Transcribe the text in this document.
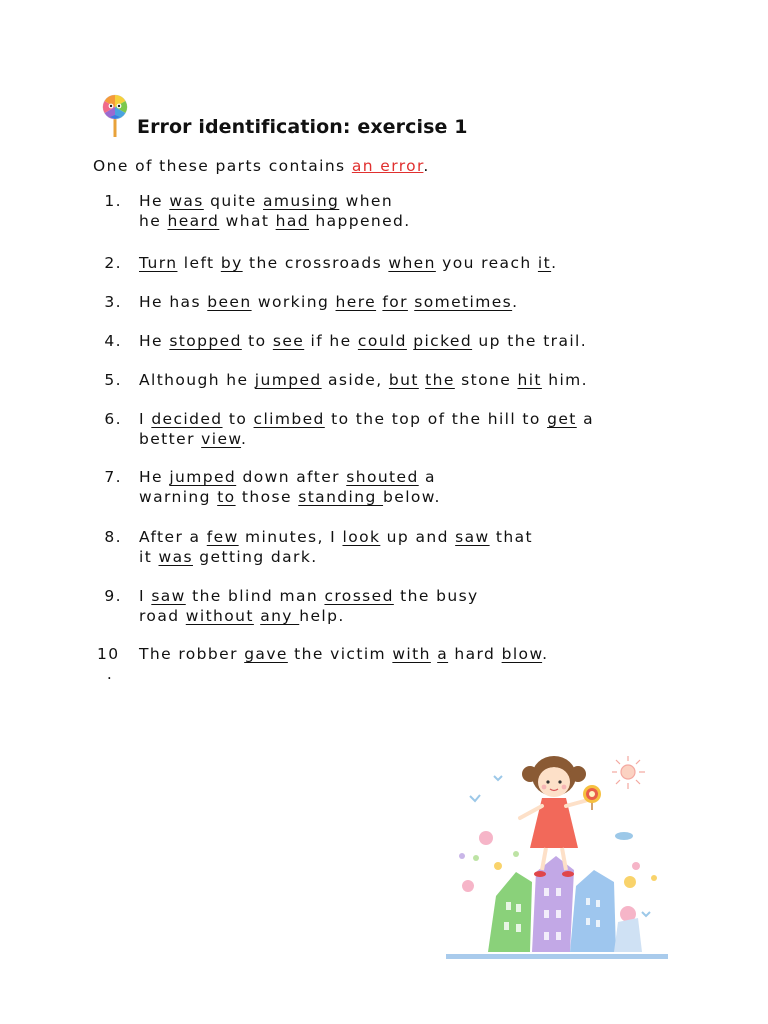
Error identification: exercise 1
One of these parts contains an error.
1. He was quite amusing when
he heard what had happened.
2. Turn left by the crossroads when you reach it.
3. He has been working here for sometimes.
4. He stopped to see if he could picked up the trail.
5. Although he jumped aside, but the stone hit him.
6. I decided to climbed to the top of the hill to get a
better view.
7. He jumped down after shouted a
warning to those standing below.
8. After a few minutes, I look up and saw that
it was getting dark.
9. I saw the blind man crossed the busy
road without any help.
10
.
The robber gave the victim with a hard blow.
